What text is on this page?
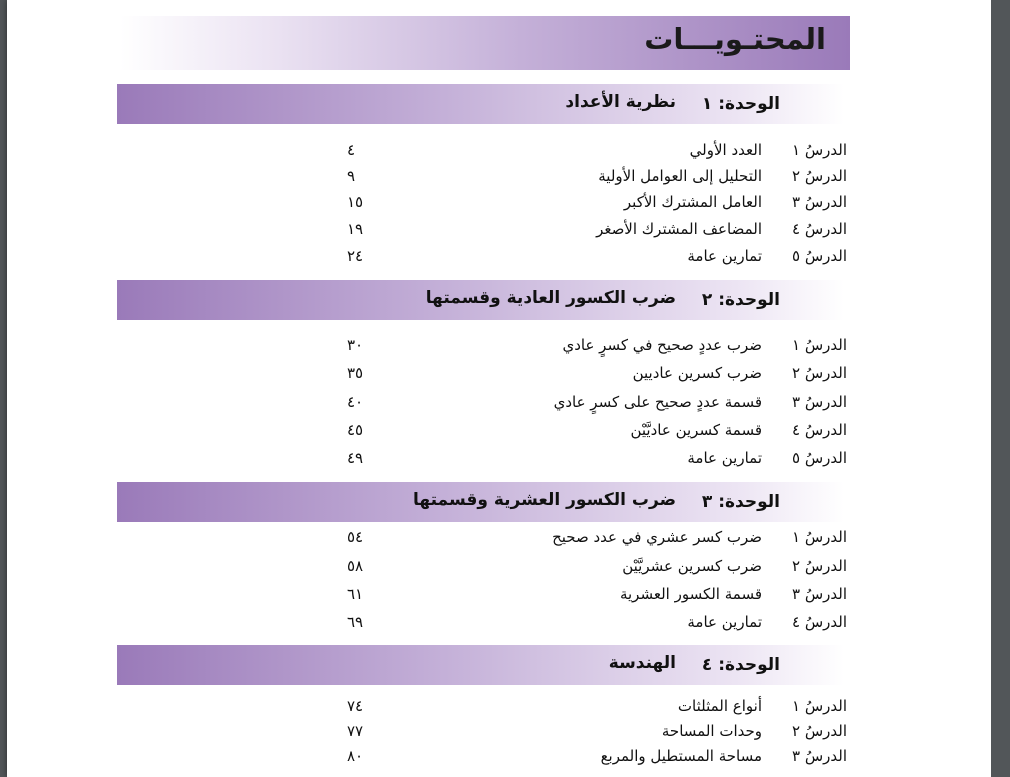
المحتـويـــات
الوحدة: ١
نظرية الأعداد
الدرسُ ١
العدد الأولي
٤
الدرسُ ٢
التحليل إلى العوامل الأولية
٩
الدرسُ ٣
العامل المشترك الأكبر
١٥
الدرسُ ٤
المضاعف المشترك الأصغر
١٩
الدرسُ ٥
تمارين عامة
٢٤
الوحدة: ٢
ضرب الكسور العادية وقسمتها
الدرسُ ١
ضرب عددٍ صحيح في كسرٍ عادي
٣٠
الدرسُ ٢
ضرب كسرين عاديين
٣٥
الدرسُ ٣
قسمة عددٍ صحيح على كسرٍ عادي
٤٠
الدرسُ ٤
قسمة كسرين عاديَّيْن
٤٥
الدرسُ ٥
تمارين عامة
٤٩
الوحدة: ٣
ضرب الكسور العشرية وقسمتها
الدرسُ ١
ضرب كسر عشري في عدد صحيح
٥٤
الدرسُ ٢
ضرب كسرين عشريَّيْن
٥٨
الدرسُ ٣
قسمة الكسور العشرية
٦١
الدرسُ ٤
تمارين عامة
٦٩
الوحدة: ٤
الهندسة
الدرسُ ١
أنواع المثلثات
٧٤
الدرسُ ٢
وحدات المساحة
٧٧
الدرسُ ٣
مساحة المستطيل والمربع
٨٠
